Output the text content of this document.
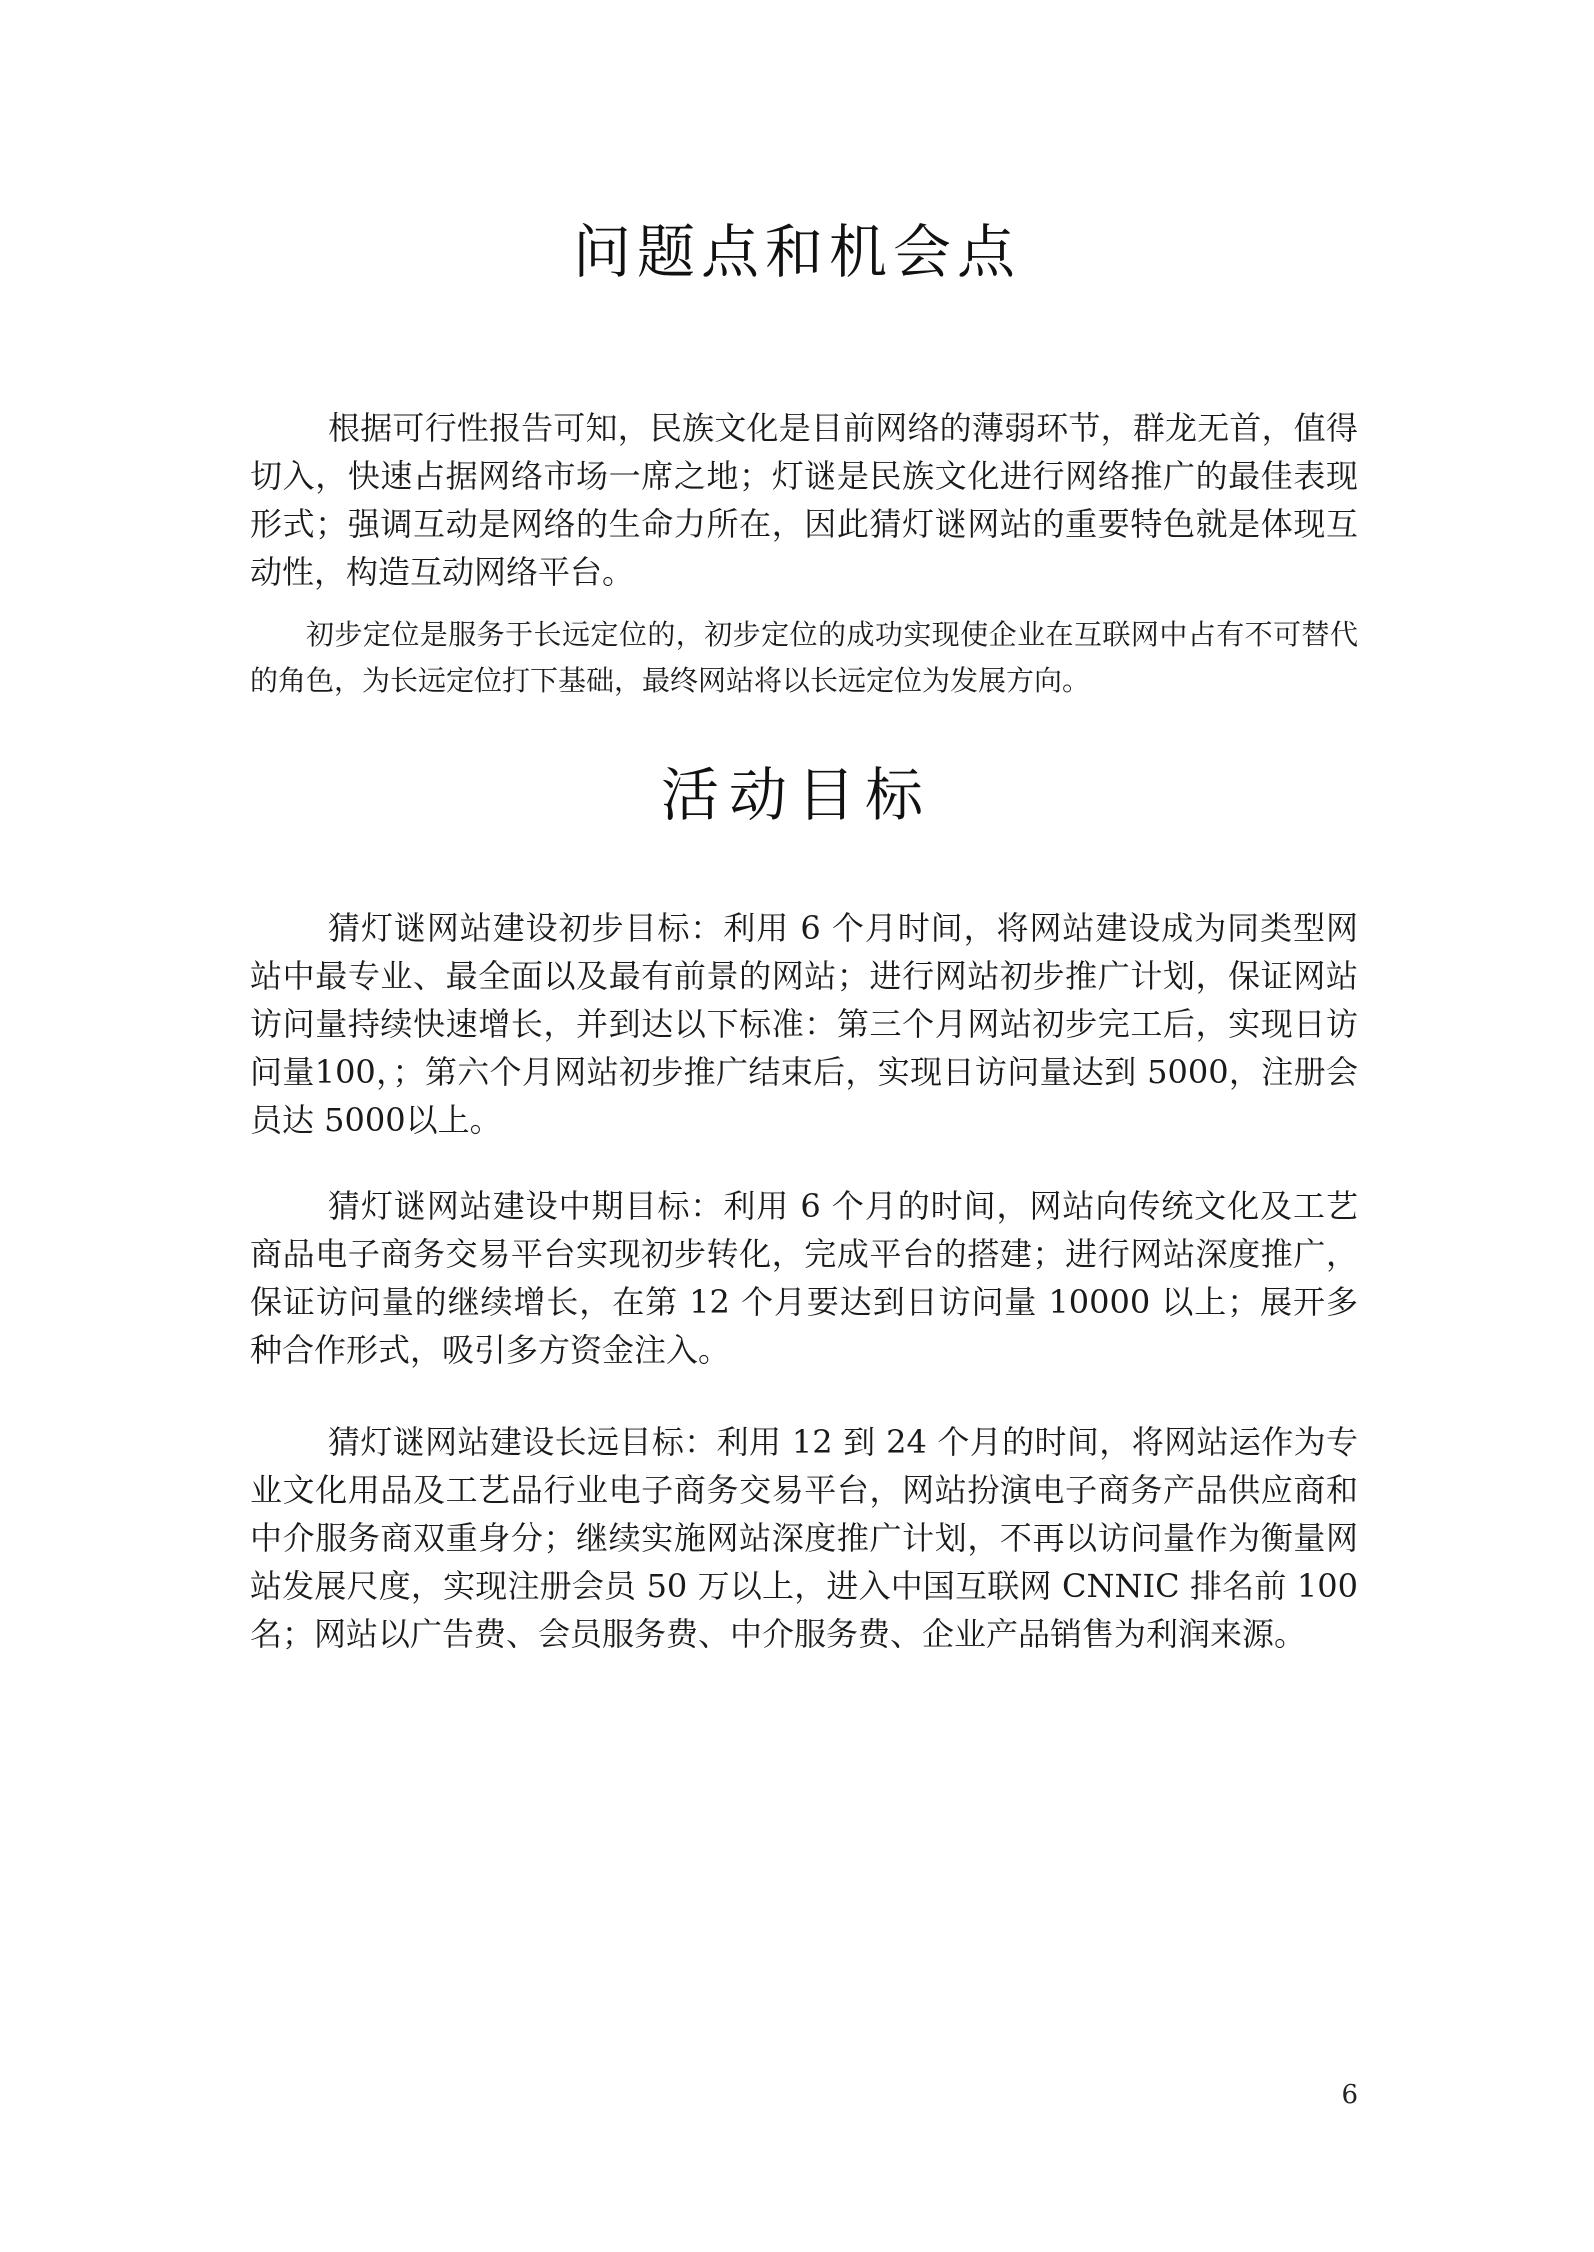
问题点和机会点

根据可行性报告可知，民族文化是目前网络的薄弱环节，群龙无首，值得切入，快速占据网络市场一席之地；灯谜是民族文化进行网络推广的最佳表现形式；强调互动是网络的生命力所在，因此猜灯谜网站的重要特色就是体现互动性，构造互动网络平台。

初步定位是服务于长远定位的，初步定位的成功实现使企业在互联网中占有不可替代的角色，为长远定位打下基础，最终网站将以长远定位为发展方向。

活动目标

猜灯谜网站建设初步目标：利用 6 个月时间，将网站建设成为同类型网站中最专业、最全面以及最有前景的网站；进行网站初步推广计划，保证网站访问量持续快速增长，并到达以下标准：第三个月网站初步完工后，实现日访问量100，；第六个月网站初步推广结束后，实现日访问量达到 5000，注册会员达 5000以上。

猜灯谜网站建设中期目标：利用 6 个月的时间，网站向传统文化及工艺商品电子商务交易平台实现初步转化，完成平台的搭建；进行网站深度推广，保证访问量的继续增长，在第 12 个月要达到日访问量 10000 以上；展开多种合作形式，吸引多方资金注入。

猜灯谜网站建设长远目标：利用 12 到 24 个月的时间，将网站运作为专业文化用品及工艺品行业电子商务交易平台，网站扮演电子商务产品供应商和中介服务商双重身分；继续实施网站深度推广计划，不再以访问量作为衡量网站发展尺度，实现注册会员 50 万以上，进入中国互联网 CNNIC 排名前 100 名；网站以广告费、会员服务费、中介服务费、企业产品销售为利润来源。

6
